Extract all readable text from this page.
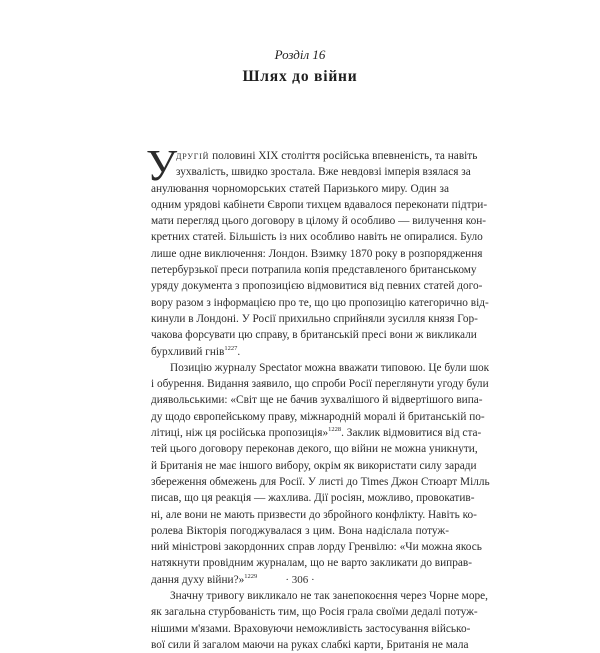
Розділ 16
Шлях до війни
У
другій половині XIX століття російська впевненість, та навіть
зухвалість, швидко зростала. Вже невдовзі імперія взялася за
анулювання чорноморських статей Паризького миру. Один за
одним урядові кабінети Європи тихцем вдавалося переконати підтри-
мати перегляд цього договору в цілому й особливо — вилучення кон-
кретних статей. Більшість із них особливо навіть не опиралися. Було
лише одне виключення: Лондон. Взимку 1870 року в розпорядження
петербурзької преси потрапила копія представленого британському
уряду документа з пропозицією відмовитися від певних статей дого-
вору разом з інформацією про те, що цю пропозицію категорично від-
кинули в Лондоні. У Росії прихильно сприйняли зусилля князя Гор-
чакова форсувати цю справу, в британській пресі вони ж викликали
бурхливий гнів$^{1227}$.
Позицію журналу Spectator можна вважати типовою. Це були шок
і обурення. Видання заявило, що спроби Росії переглянути угоду були
диявольськими: «Світ ще не бачив зухвалішого й відвертішого випа-
ду щодо європейському праву, міжнародній моралі й британській по-
літиці, ніж ця російська пропозиція»$^{1228}$. Заклик відмовитися від ста-
тей цього договору переконав декого, що війни не можна уникнути,
й Британія не має іншого вибору, окрім як використати силу заради
збереження обмежень для Росії. У листі до Times Джон Стюарт Мілль
писав, що ця реакція — жахлива. Дії росіян, можливо, провокатив-
ні, але вони не мають призвести до збройного конфлікту. Навіть ко-
ролева Вікторія погоджувалася з цим. Вона надіслала потуж-
ний міністрові закордонних справ лорду Гренвілю: «Чи можна якось
натякнути провідним журналам, що не варто закликати до виправ-
дання духу війни?»$^{1229}$
Значну тривогу викликало не так занепокоєння через Чорне море,
як загальна стурбованість тим, що Росія грала своїми дедалі потуж-
нішими м'язами. Враховуючи неможливість застосування військо-
вої сили й загалом маючи на руках слабкі карти, Британія не мала
· 306 ·
